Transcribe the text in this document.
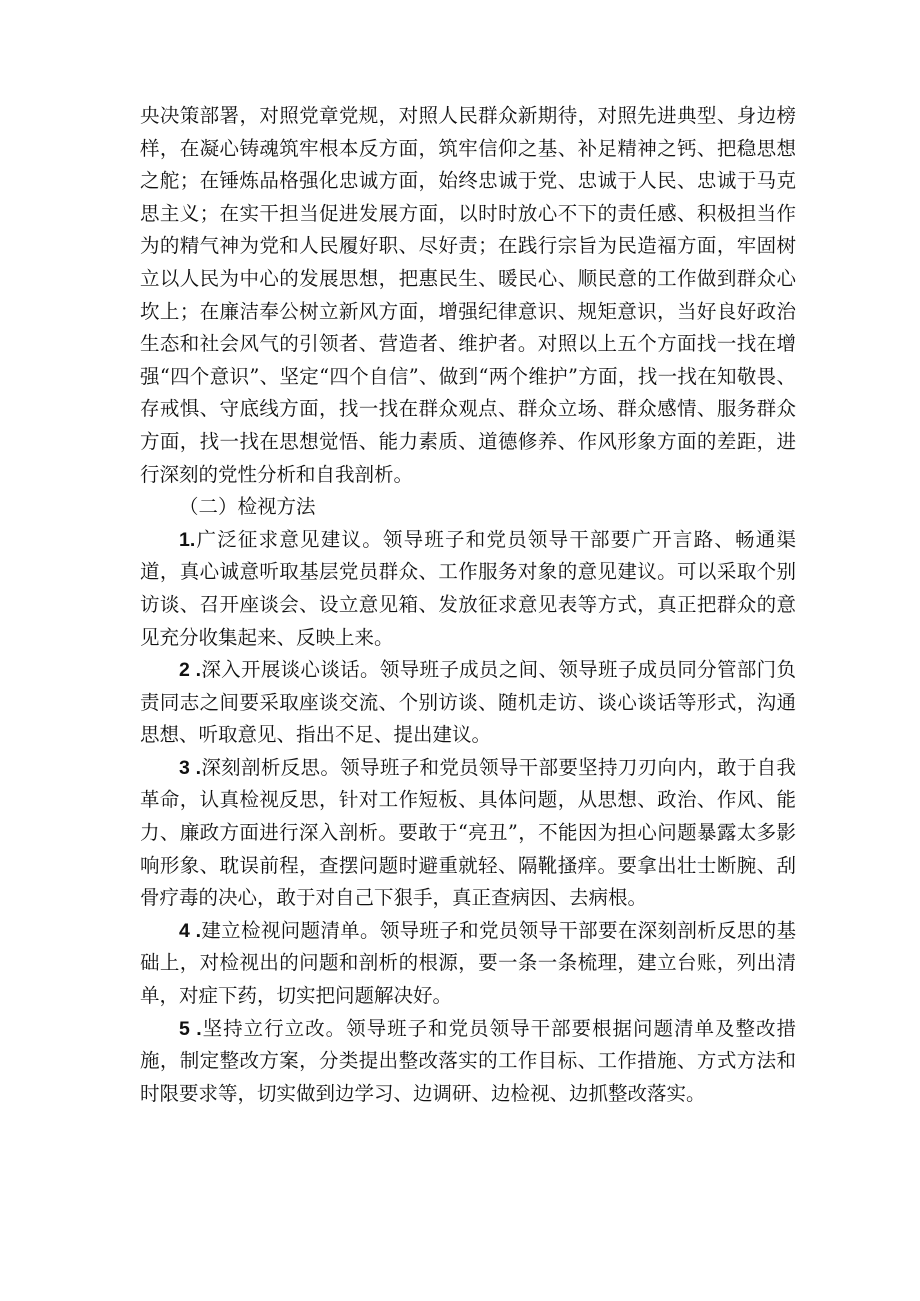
央决策部署，对照党章党规，对照人民群众新期待，对照先进典型、身边榜样，在凝心铸魂筑牢根本反方面，筑牢信仰之基、补足精神之钙、把稳思想之舵；在锤炼品格强化忠诚方面，始终忠诚于党、忠诚于人民、忠诚于马克思主义；在实干担当促进发展方面，以时时放心不下的责任感、积极担当作为的精气神为党和人民履好职、尽好责；在践行宗旨为民造福方面，牢固树立以人民为中心的发展思想，把惠民生、暖民心、顺民意的工作做到群众心坎上；在廉洁奉公树立新风方面，增强纪律意识、规矩意识，当好良好政治生态和社会风气的引领者、营造者、维护者。对照以上五个方面找一找在增强“四个意识”、坚定“四个自信”、做到“两个维护”方面，找一找在知敬畏、存戒惧、守底线方面，找一找在群众观点、群众立场、群众感情、服务群众方面，找一找在思想觉悟、能力素质、道德修养、作风形象方面的差距，进行深刻的党性分析和自我剖析。

（二）检视方法

1.广泛征求意见建议。领导班子和党员领导干部要广开言路、畅通渠道，真心诚意听取基层党员群众、工作服务对象的意见建议。可以采取个别访谈、召开座谈会、设立意见箱、发放征求意见表等方式，真正把群众的意见充分收集起来、反映上来。

2 .深入开展谈心谈话。领导班子成员之间、领导班子成员同分管部门负责同志之间要采取座谈交流、个别访谈、随机走访、谈心谈话等形式，沟通思想、听取意见、指出不足、提出建议。

3 .深刻剖析反思。领导班子和党员领导干部要坚持刀刃向内，敢于自我革命，认真检视反思，针对工作短板、具体问题，从思想、政治、作风、能力、廉政方面进行深入剖析。要敢于“亮丑”，不能因为担心问题暴露太多影响形象、耽误前程，查摆问题时避重就轻、隔靴搔痒。要拿出壮士断腕、刮骨疗毒的决心，敢于对自己下狠手，真正查病因、去病根。

4 .建立检视问题清单。领导班子和党员领导干部要在深刻剖析反思的基础上，对检视出的问题和剖析的根源，要一条一条梳理，建立台账，列出清单，对症下药，切实把问题解决好。

5 .坚持立行立改。领导班子和党员领导干部要根据问题清单及整改措施，制定整改方案，分类提出整改落实的工作目标、工作措施、方式方法和时限要求等，切实做到边学习、边调研、边检视、边抓整改落实。
